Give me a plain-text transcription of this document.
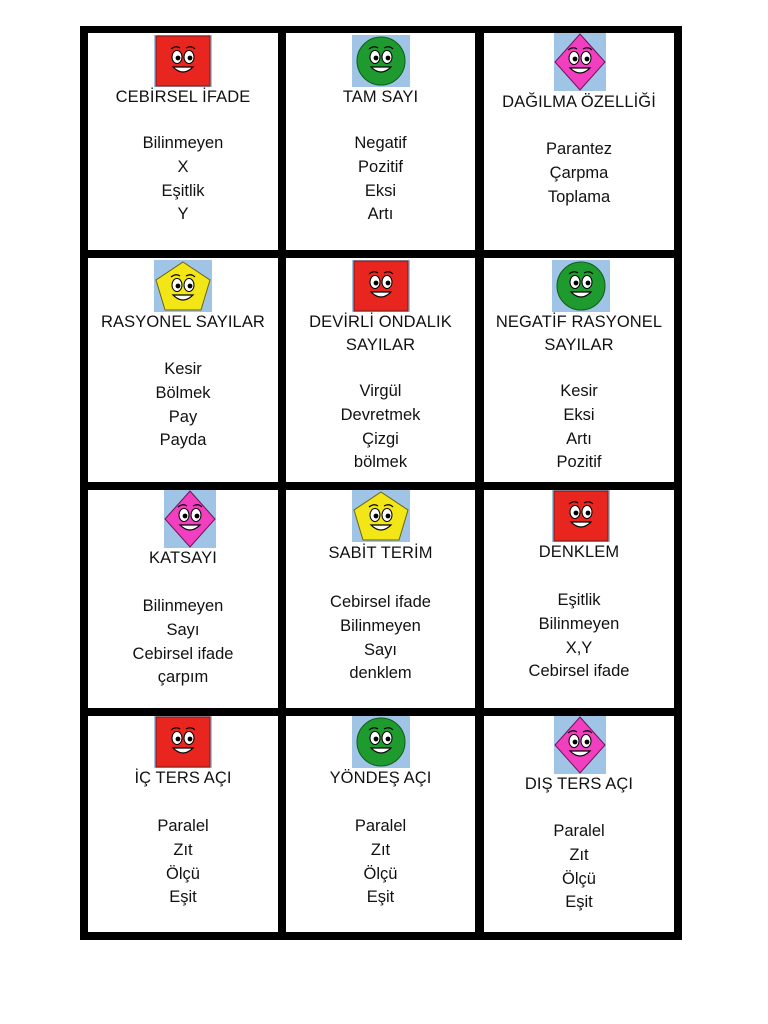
CEBİRSEL İFADE
Bilinmeyen
X
Eşitlik
Y
TAM SAYI
Negatif
Pozitif
Eksi
Artı
DAĞILMA ÖZELLİĞİ
Parantez
Çarpma
Toplama
RASYONEL SAYILAR
Kesir
Bölmek
Pay
Payda
DEVİRLİ ONDALIK SAYILAR
Virgül
Devretmek
Çizgi
bölmek
NEGATİF RASYONEL SAYILAR
Kesir
Eksi
Artı
Pozitif
KATSAYI
Bilinmeyen
Sayı
Cebirsel ifade
çarpım
SABİT TERİM
Cebirsel ifade
Bilinmeyen
Sayı
denklem
DENKLEM
Eşitlik
Bilinmeyen
X,Y
Cebirsel ifade
İÇ TERS AÇI
Paralel
Zıt
Ölçü
Eşit
YÖNDEŞ AÇI
Paralel
Zıt
Ölçü
Eşit
DIŞ TERS AÇI
Paralel
Zıt
Ölçü
Eşit
